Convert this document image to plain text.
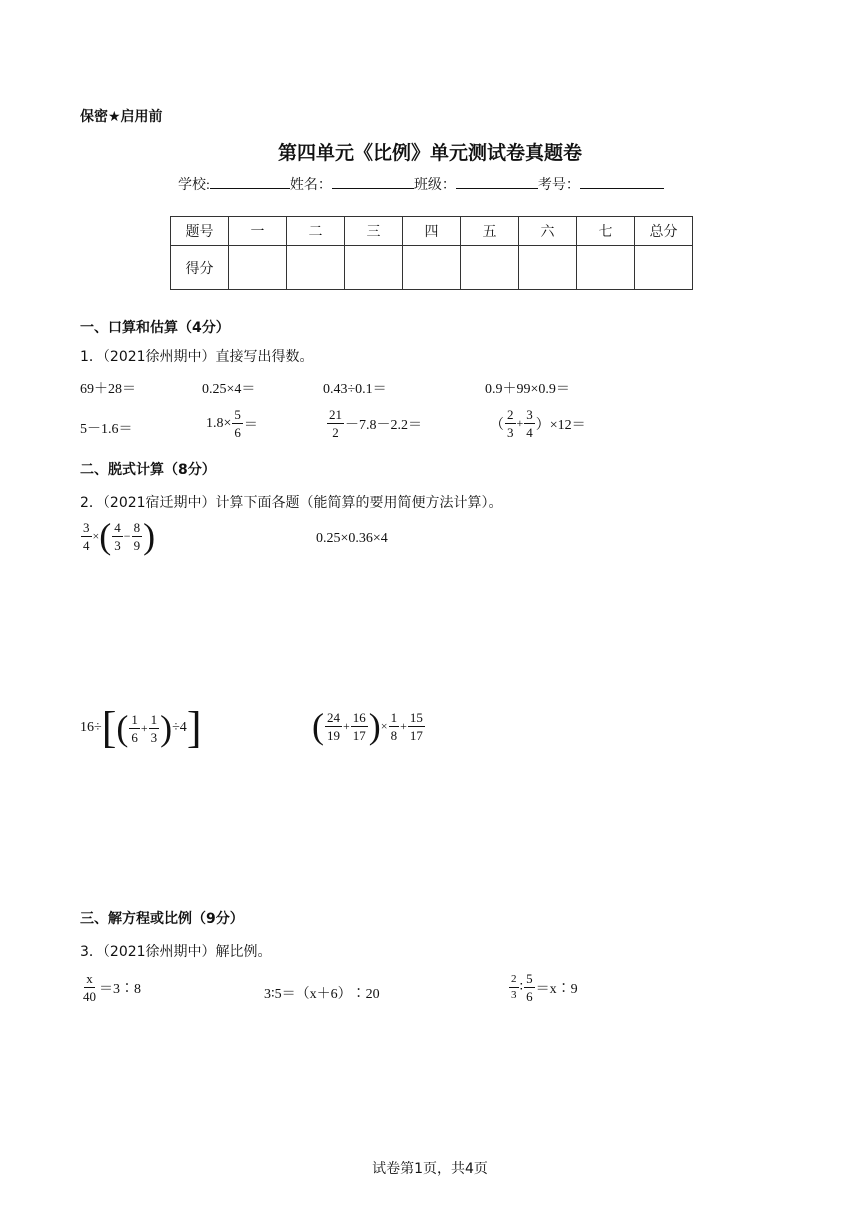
保密★启用前
第四单元《比例》单元测试卷真题卷
学校:	姓名：	班级：	考号：
题号	一	二	三	四	五	六	七	总分
得分								
一、口算和估算（4分）
1．（2021徐州期中）直接写出得数。
69＋28＝	0.25×4＝	0.43÷0.1＝	0.9＋99×0.9＝
5－1.6＝	$1.8\times \frac{5}{6}$ ＝	$\frac{21}{2} -7.8-2.2=$	（ $\frac{2}{3} + \frac{3}{4} )\times 12=$
二、脱式计算（8分）
2．（2021宿迁期中）计算下面各题（能简算的要用简便方法计算）。
$\frac{3}{4}$ × ( $\frac{4}{3} - \frac{8}{9}$ )	0.25×0.36×4
16÷ [ ( $\frac{1}{6} + \frac{1}{3}$ ) ÷4 ]	( $\frac{24}{19} + \frac{16}{17}$ ) × $\frac{1}{8} + \frac{15}{17}$
三、解方程或比例（9分）
3．（2021徐州期中）解比例。
$\frac{x}{40}$ ＝3∶8	3∶5＝（x＋6）∶20	$\frac{2}{3}$ ∶ $\frac{5}{6}$ ＝x∶9
试卷第1页，共4页
